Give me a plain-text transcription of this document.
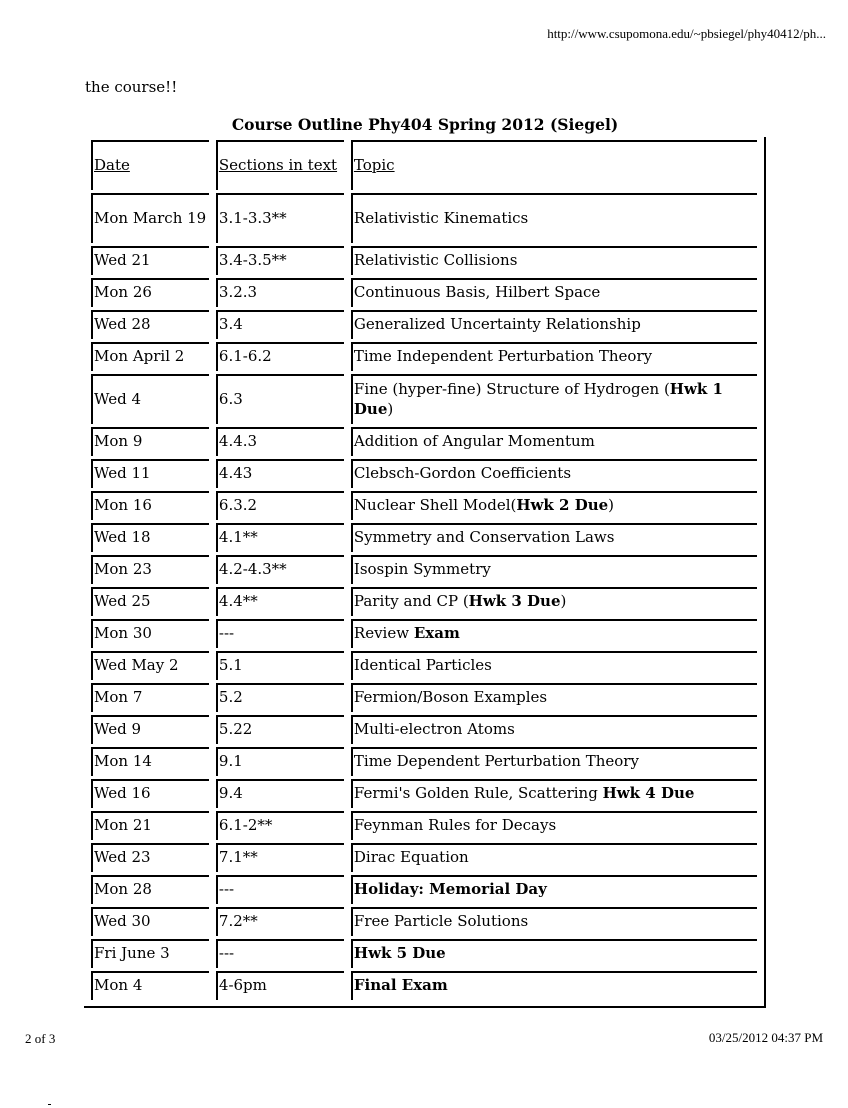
http://www.csupomona.edu/~pbsiegel/phy40412/ph...
the course!!
Course Outline Phy404 Spring 2012 (Siegel)
Date	Sections in text	Topic
Mon March 19	3.1-3.3**	Relativistic Kinematics
Wed 21	3.4-3.5**	Relativistic Collisions
Mon 26	3.2.3	Continuous Basis, Hilbert Space
Wed 28	3.4	Generalized Uncertainty Relationship
Mon April 2	6.1-6.2	Time Independent Perturbation Theory
Wed 4	6.3	Fine (hyper-fine) Structure of Hydrogen (Hwk 1 Due)
Mon 9	4.4.3	Addition of Angular Momentum
Wed 11	4.43	Clebsch-Gordon Coefficients
Mon 16	6.3.2	Nuclear Shell Model(Hwk 2 Due)
Wed 18	4.1**	Symmetry and Conservation Laws
Mon 23	4.2-4.3**	Isospin Symmetry
Wed 25	4.4**	Parity and CP (Hwk 3 Due)
Mon 30	---	Review Exam
Wed May 2	5.1	Identical Particles
Mon 7	5.2	Fermion/Boson Examples
Wed 9	5.22	Multi-electron Atoms
Mon 14	9.1	Time Dependent Perturbation Theory
Wed 16	9.4	Fermi's Golden Rule, Scattering Hwk 4 Due
Mon 21	6.1-2**	Feynman Rules for Decays
Wed 23	7.1**	Dirac Equation
Mon 28	---	Holiday: Memorial Day
Wed 30	7.2**	Free Particle Solutions
Fri June 3	---	Hwk 5 Due
Mon 4	4-6pm	Final Exam
2 of 3	03/25/2012 04:37 PM
